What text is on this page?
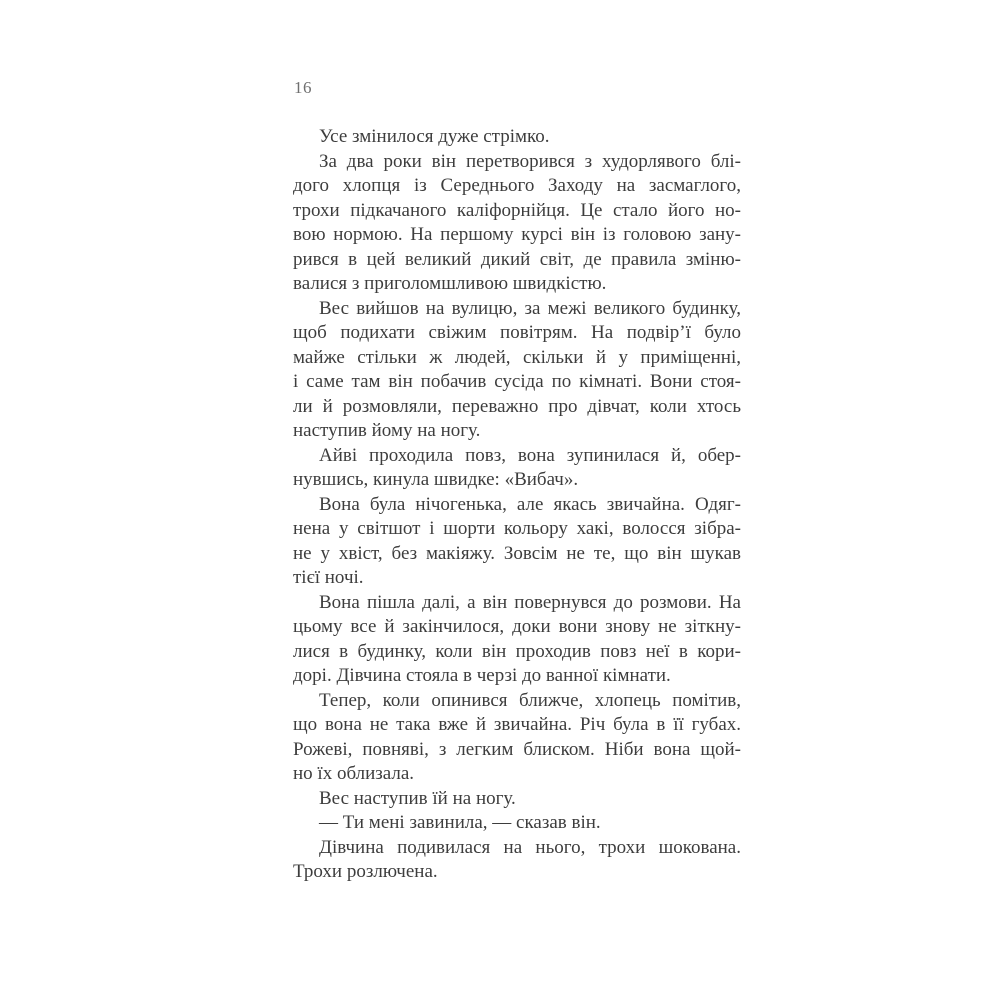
16
Усе змінилося дуже стрімко.
За два роки він перетворився з худорлявого блі-
дого хлопця із Середнього Заходу на засмаглого,
трохи підкачаного каліфорнійця. Це стало його но-
вою нормою. На першому курсі він із головою зану-
рився в цей великий дикий світ, де правила зміню-
валися з приголомшливою швидкістю.
Вес вийшов на вулицю, за межі великого будинку,
щоб подихати свіжим повітрям. На подвір’ї було
майже стільки ж людей, скільки й у приміщенні,
і саме там він побачив сусіда по кімнаті. Вони стоя-
ли й розмовляли, переважно про дівчат, коли хтось
наступив йому на ногу.
Айві проходила повз, вона зупинилася й, обер-
нувшись, кинула швидке: «Вибач».
Вона була нічогенька, але якась звичайна. Одяг-
нена у світшот і шорти кольору хакі, волосся зібра-
не у хвіст, без макіяжу. Зовсім не те, що він шукав
тієї ночі.
Вона пішла далі, а він повернувся до розмови. На
цьому все й закінчилося, доки вони знову не зіткну-
лися в будинку, коли він проходив повз неї в кори-
дорі. Дівчина стояла в черзі до ванної кімнати.
Тепер, коли опинився ближче, хлопець помітив,
що вона не така вже й звичайна. Річ була в її губах.
Рожеві, повняві, з легким блиском. Ніби вона щой-
но їх облизала.
Вес наступив їй на ногу.
— Ти мені завинила, — сказав він.
Дівчина подивилася на нього, трохи шокована.
Трохи розлючена.
